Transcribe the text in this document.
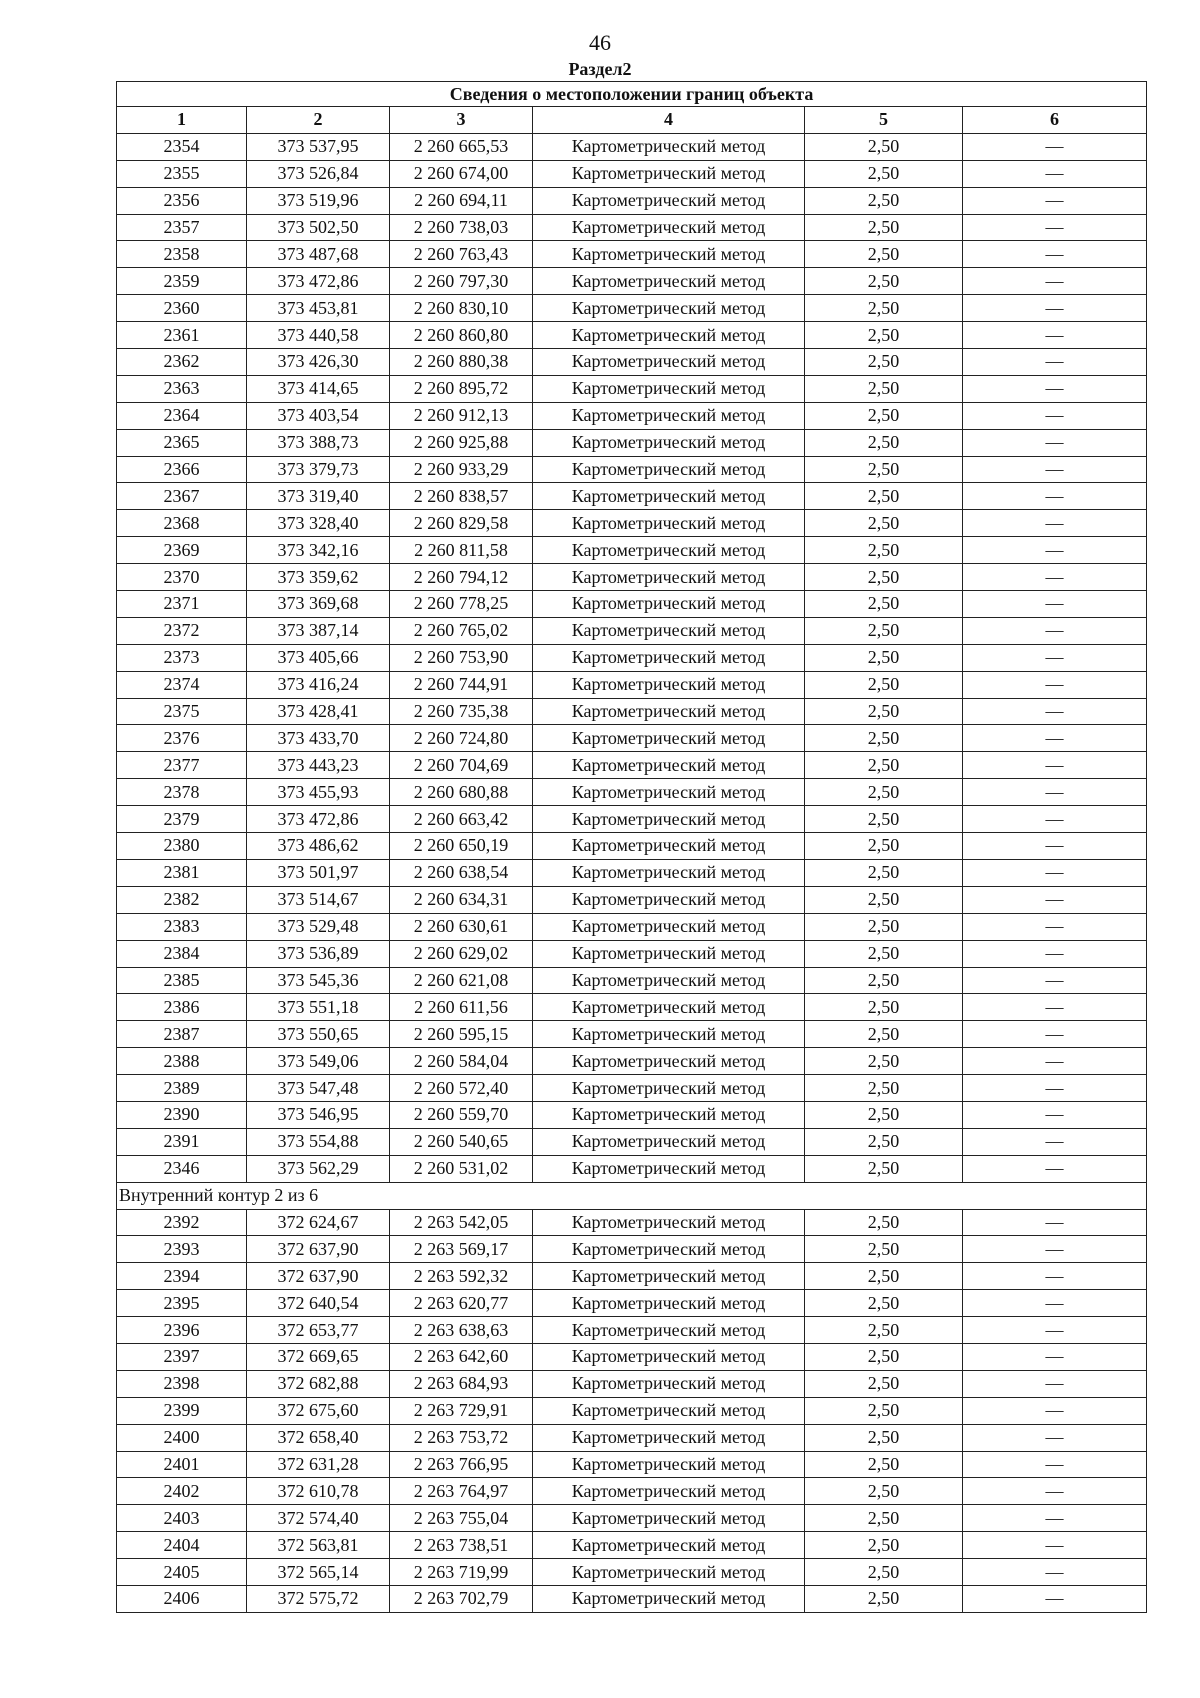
46
Раздел2
Сведения о местоположении границ объекта					
1	2	3	4	5	6
2354	373 537,95	2 260 665,53	Картометрический метод	2,50	—
2355	373 526,84	2 260 674,00	Картометрический метод	2,50	—
2356	373 519,96	2 260 694,11	Картометрический метод	2,50	—
2357	373 502,50	2 260 738,03	Картометрический метод	2,50	—
2358	373 487,68	2 260 763,43	Картометрический метод	2,50	—
2359	373 472,86	2 260 797,30	Картометрический метод	2,50	—
2360	373 453,81	2 260 830,10	Картометрический метод	2,50	—
2361	373 440,58	2 260 860,80	Картометрический метод	2,50	—
2362	373 426,30	2 260 880,38	Картометрический метод	2,50	—
2363	373 414,65	2 260 895,72	Картометрический метод	2,50	—
2364	373 403,54	2 260 912,13	Картометрический метод	2,50	—
2365	373 388,73	2 260 925,88	Картометрический метод	2,50	—
2366	373 379,73	2 260 933,29	Картометрический метод	2,50	—
2367	373 319,40	2 260 838,57	Картометрический метод	2,50	—
2368	373 328,40	2 260 829,58	Картометрический метод	2,50	—
2369	373 342,16	2 260 811,58	Картометрический метод	2,50	—
2370	373 359,62	2 260 794,12	Картометрический метод	2,50	—
2371	373 369,68	2 260 778,25	Картометрический метод	2,50	—
2372	373 387,14	2 260 765,02	Картометрический метод	2,50	—
2373	373 405,66	2 260 753,90	Картометрический метод	2,50	—
2374	373 416,24	2 260 744,91	Картометрический метод	2,50	—
2375	373 428,41	2 260 735,38	Картометрический метод	2,50	—
2376	373 433,70	2 260 724,80	Картометрический метод	2,50	—
2377	373 443,23	2 260 704,69	Картометрический метод	2,50	—
2378	373 455,93	2 260 680,88	Картометрический метод	2,50	—
2379	373 472,86	2 260 663,42	Картометрический метод	2,50	—
2380	373 486,62	2 260 650,19	Картометрический метод	2,50	—
2381	373 501,97	2 260 638,54	Картометрический метод	2,50	—
2382	373 514,67	2 260 634,31	Картометрический метод	2,50	—
2383	373 529,48	2 260 630,61	Картометрический метод	2,50	—
2384	373 536,89	2 260 629,02	Картометрический метод	2,50	—
2385	373 545,36	2 260 621,08	Картометрический метод	2,50	—
2386	373 551,18	2 260 611,56	Картометрический метод	2,50	—
2387	373 550,65	2 260 595,15	Картометрический метод	2,50	—
2388	373 549,06	2 260 584,04	Картометрический метод	2,50	—
2389	373 547,48	2 260 572,40	Картометрический метод	2,50	—
2390	373 546,95	2 260 559,70	Картометрический метод	2,50	—
2391	373 554,88	2 260 540,65	Картометрический метод	2,50	—
2346	373 562,29	2 260 531,02	Картометрический метод	2,50	—
Внутренний контур 2 из 6					
2392	372 624,67	2 263 542,05	Картометрический метод	2,50	—
2393	372 637,90	2 263 569,17	Картометрический метод	2,50	—
2394	372 637,90	2 263 592,32	Картометрический метод	2,50	—
2395	372 640,54	2 263 620,77	Картометрический метод	2,50	—
2396	372 653,77	2 263 638,63	Картометрический метод	2,50	—
2397	372 669,65	2 263 642,60	Картометрический метод	2,50	—
2398	372 682,88	2 263 684,93	Картометрический метод	2,50	—
2399	372 675,60	2 263 729,91	Картометрический метод	2,50	—
2400	372 658,40	2 263 753,72	Картометрический метод	2,50	—
2401	372 631,28	2 263 766,95	Картометрический метод	2,50	—
2402	372 610,78	2 263 764,97	Картометрический метод	2,50	—
2403	372 574,40	2 263 755,04	Картометрический метод	2,50	—
2404	372 563,81	2 263 738,51	Картометрический метод	2,50	—
2405	372 565,14	2 263 719,99	Картометрический метод	2,50	—
2406	372 575,72	2 263 702,79	Картометрический метод	2,50	—
